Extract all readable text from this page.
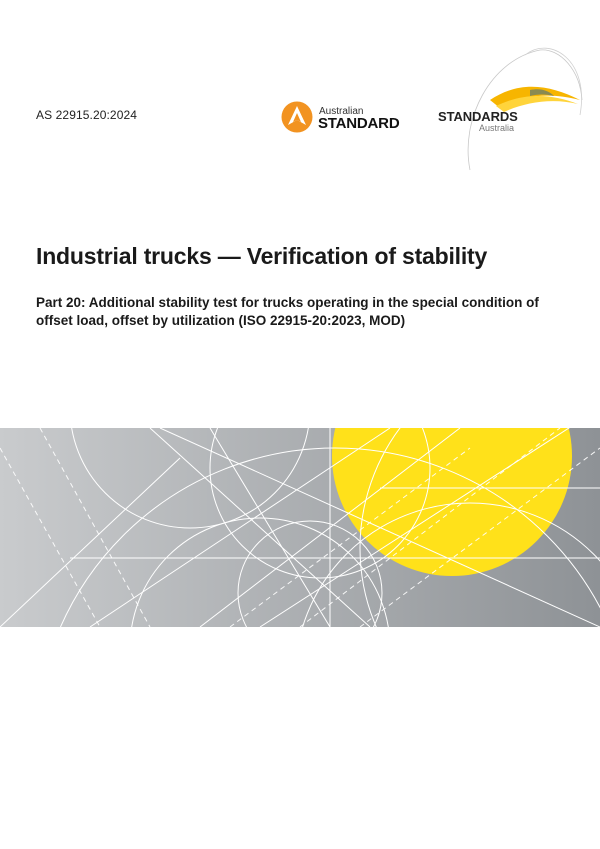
AS 22915.20:2024	Australian
STANDARD	STANDARDS
Australia
Industrial trucks — Verification of stability

Part 20: Additional stability test for trucks operating in the special condition of offset load, offset by utilization (ISO 22915-20:2023, MOD)
